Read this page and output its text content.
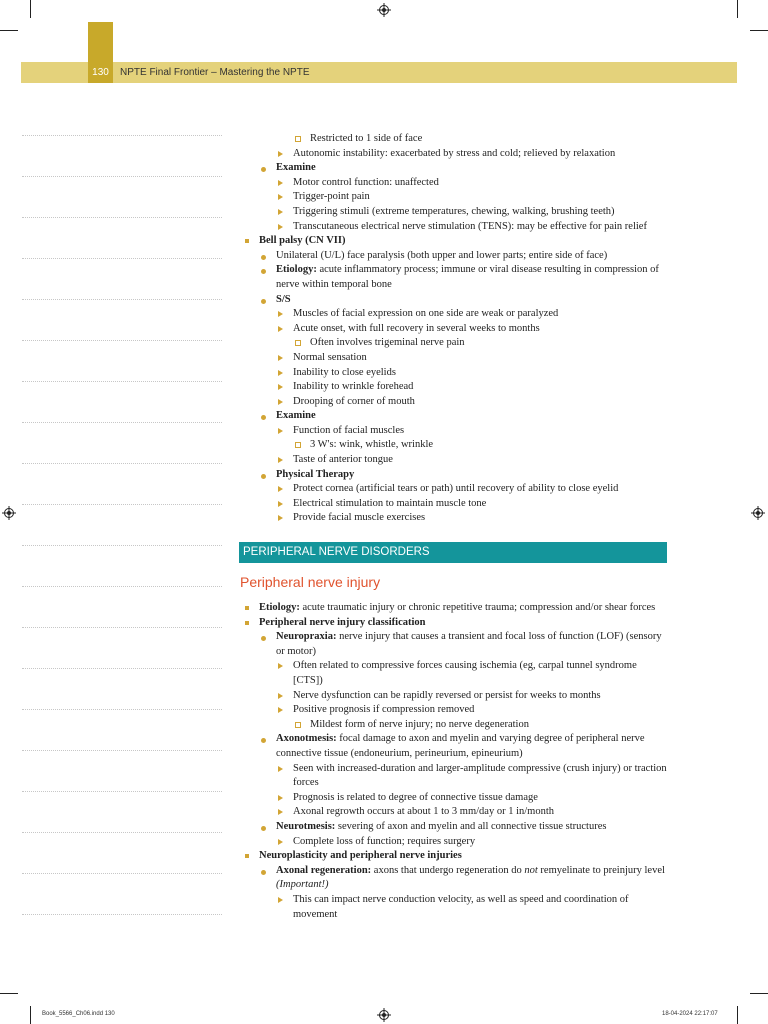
130	NPTE Final Frontier – Mastering the NPTE
Restricted to 1 side of face
Autonomic instability: exacerbated by stress and cold; relieved by relaxation
Examine
Motor control function: unaffected
Trigger-point pain
Triggering stimuli (extreme temperatures, chewing, walking, brushing teeth)
Transcutaneous electrical nerve stimulation (TENS): may be effective for pain relief
Bell palsy (CN VII)
Unilateral (U/L) face paralysis (both upper and lower parts; entire side of face)
Etiology: acute inflammatory process; immune or viral disease resulting in compression of nerve within temporal bone
S/S
Muscles of facial expression on one side are weak or paralyzed
Acute onset, with full recovery in several weeks to months
Often involves trigeminal nerve pain
Normal sensation
Inability to close eyelids
Inability to wrinkle forehead
Drooping of corner of mouth
Examine
Function of facial muscles
3 W's: wink, whistle, wrinkle
Taste of anterior tongue
Physical Therapy
Protect cornea (artificial tears or path) until recovery of ability to close eyelid
Electrical stimulation to maintain muscle tone
Provide facial muscle exercises
PERIPHERAL NERVE DISORDERS
Peripheral nerve injury
Etiology: acute traumatic injury or chronic repetitive trauma; compression and/or shear forces
Peripheral nerve injury classification
Neuropraxia: nerve injury that causes a transient and focal loss of function (LOF) (sensory or motor)
Often related to compressive forces causing ischemia (eg, carpal tunnel syndrome [CTS])
Nerve dysfunction can be rapidly reversed or persist for weeks to months
Positive prognosis if compression removed
Mildest form of nerve injury; no nerve degeneration
Axonotmesis: focal damage to axon and myelin and varying degree of peripheral nerve connective tissue (endoneurium, perineurium, epineurium)
Seen with increased-duration and larger-amplitude compressive (crush injury) or traction forces
Prognosis is related to degree of connective tissue damage
Axonal regrowth occurs at about 1 to 3 mm/day or 1 in/month
Neurotmesis: severing of axon and myelin and all connective tissue structures
Complete loss of function; requires surgery
Neuroplasticity and peripheral nerve injuries
Axonal regeneration: axons that undergo regeneration do not remyelinate to preinjury level (Important!)
This can impact nerve conduction velocity, as well as speed and coordination of movement
Book_5566_Ch06.indd 130	18-04-2024 22:17:07
